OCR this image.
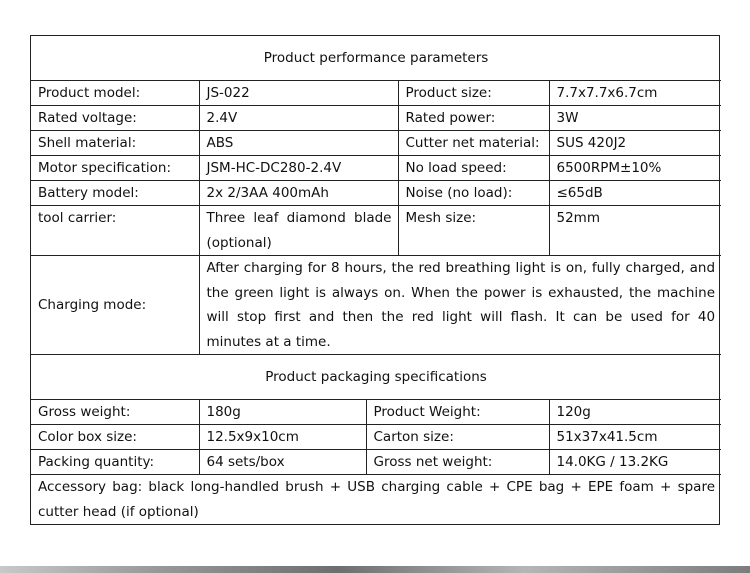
Product performance parameters			
Product model:	JS-022	Product size:	7.7x7.7x6.7cm
Rated voltage:	2.4V	Rated power:	3W
Shell material:	ABS	Cutter net material:	SUS 420J2
Motor specification:	JSM-HC-DC280-2.4V	No load speed:	6500RPM±10%
Battery model:	2x 2/3AA 400mAh	Noise (no load):	≤65dB
tool carrier:	Three leaf diamond blade (optional)	Mesh size:	52mm
Charging mode:	After charging for 8 hours, the red breathing light is on, fully charged, and the green light is always on. When the power is exhausted, the machine will stop first and then the red light will flash. It can be used for 40 minutes at a time.		
Product packaging specifications			
Gross weight:	180g	Product Weight:	120g
Color box size:	12.5x9x10cm	Carton size:	51x37x41.5cm
Packing quantity:	64 sets/box	Gross net weight:	14.0KG / 13.2KG
Accessory bag: black long-handled brush + USB charging cable + CPE bag + EPE foam + spare cutter head (if optional)			
